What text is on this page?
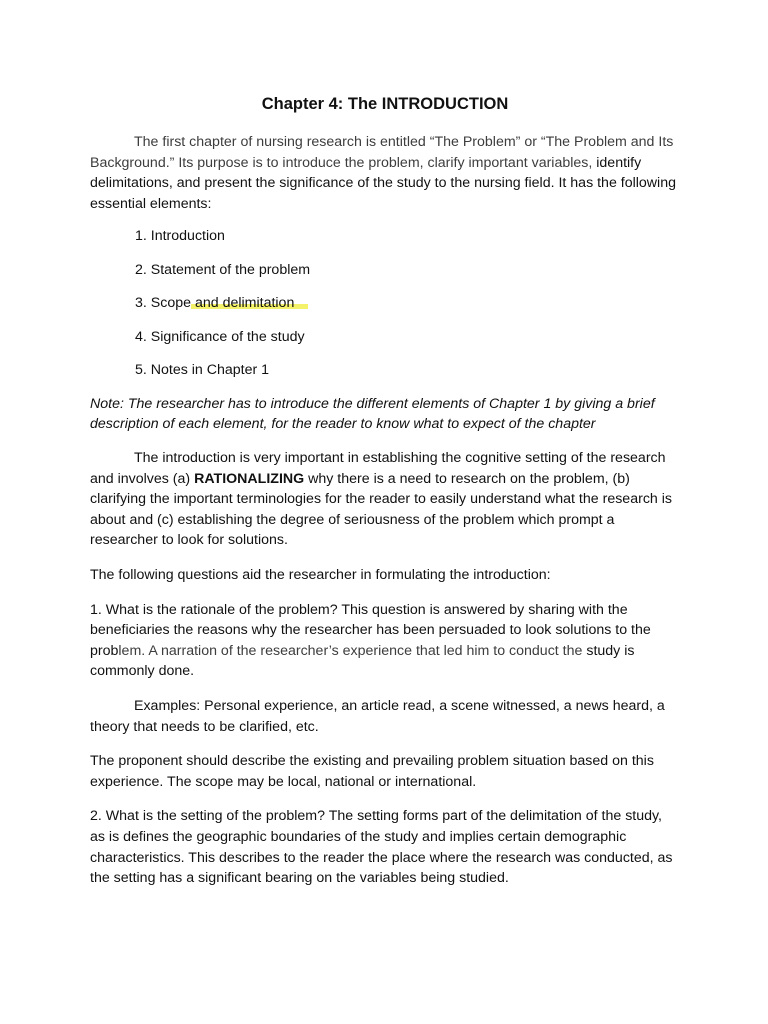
Chapter 4: The INTRODUCTION

The first chapter of nursing research is entitled “The Problem” or “The Problem and Its Background.” Its purpose is to introduce the problem, clarify important variables, identify delimitations, and present the significance of the study to the nursing field. It has the following essential elements:

1. Introduction
2. Statement of the problem
3. Scope and delimitation
4. Significance of the study
5. Notes in Chapter 1

Note: The researcher has to introduce the different elements of Chapter 1 by giving a brief description of each element, for the reader to know what to expect of the chapter

The introduction is very important in establishing the cognitive setting of the research and involves (a) RATIONALIZING why there is a need to research on the problem, (b) clarifying the important terminologies for the reader to easily understand what the research is about and (c) establishing the degree of seriousness of the problem which prompt a researcher to look for solutions.

The following questions aid the researcher in formulating the introduction:

1. What is the rationale of the problem? This question is answered by sharing with the beneficiaries the reasons why the researcher has been persuaded to look solutions to the problem. A narration of the researcher’s experience that led him to conduct the study is commonly done.

Examples: Personal experience, an article read, a scene witnessed, a news heard, a theory that needs to be clarified, etc.

The proponent should describe the existing and prevailing problem situation based on this experience. The scope may be local, national or international.

2. What is the setting of the problem? The setting forms part of the delimitation of the study, as is defines the geographic boundaries of the study and implies certain demographic characteristics. This describes to the reader the place where the research was conducted, as the setting has a significant bearing on the variables being studied.
